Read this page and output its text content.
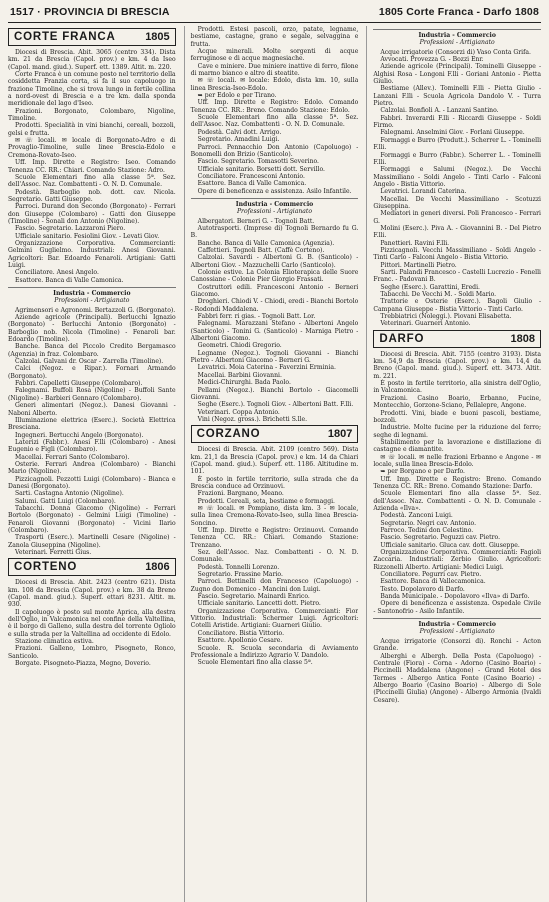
1517 · PROVINCIA DI BRESCIA	1805 Corte Franca - Darfo 1808
CORTE FRANCA	1805

Diocesi di Brescia. Abit. 3065 (centro 334). Dista km. 21 da Brescia (Capol. prov.) e km. 4 da Iseo (Capol. mand. giud.). Superf. ett. 1389. Altit. m. 220.

Corte Franca è un comune posto nel territorio della cosiddetta Franzia corta, si fa il suo capoluogo in frazione Timoline, che si trova lungo in fertile collina a nord-ovest di Brescia e a tre km. dalla sponda meridionale del lago d'Iseo.

Frazioni. Borgonato, Colombaro, Nigoline, Timoline.

Prodotti. Specialità in vini bianchi, cereali, bozzoli, gelsi e frutta.

✉ ☏ locali. ✉ locale di Borgonato-Adro e di Provaglio-Timoline, sulle linee Brescia-Edolo e Cremona-Rovato-Iseo.

Uff. Imp. Dirette e Registro: Iseo. Comando Tenenza CC. RR.: Chiari. Comando Stazione: Adro.

Scuole Elementari fino alla classe 5ª. Sez. dell'Assoc. Naz. Combattenti - O. N. D. Comunale.

Podestà. Barboglio nob. dott. cav. Nicola. Segretario. Gatti Giuseppe.

Parroci. Durand don Secondo (Borgonato) - Ferrari don Giuseppe (Colombaro) - Gatti don Giuseppe (Timoline) - Sonali don Antonio (Nigoline).

Fascio. Segretario. Lazzaroni Piero.

Ufficiale sanitario. Fesiolini Giov. - Levati Giov.

Organizzazione Corporativa. Commercianti: Gelmini Guglielmo. Industriali: Anesi Giovanni. Agricoltori: Bar. Edoardo Fenaroli. Artigiani: Gatti Luigi.

Conciliatore. Anesi Angelo.

Esattore. Banca di Valle Camonica.

Industria - Commercio
Professioni - Artigianato

Agrimensori e Agronomi. Bertazzoli G. (Borgonato).

Aziende agricole (Principali). Berlucchi Ignazio (Borgonato) - Berlucchi Antonio (Borgonato) - Barboglio nob. Nicola (Timoline) - Fenaroli bar. Edoardo (Timoline).

Banche. Banca del Piccolo Credito Bergamasco (Agenzia) in fraz. Colombaro.

Calzolai. Galvani dr. Oscar - Zarrella (Timoline).

Calci (Negoz. e Ripar.). Fornari Armando (Borgonato).

Fabbri. Capelletti Giuseppe (Colombaro).

Falegnami. Buffoli Rosa (Nigoline) - Buffoli Sante (Nigoline) - Barbieri Gennaro (Colombaro).

Generi alimentari (Negoz.). Danesi Giovanni - Naboni Alberto.

Illuminazione elettrica (Eserc.). Società Elettrica Bresciana.

Ingegneri. Bertucchi Angelo (Borgonato).

Laterizi (Fabbr.). Anesi F.lli (Colombaro) - Anesi Eugenio e Figli (Colombaro).

Macellai. Ferrari Santo (Colombaro).

Osterie. Ferrari Andrea (Colombaro) - Bianchi Mario (Nigoline).

Pizzicagnoli. Pezzotti Luigi (Colombaro) - Bianca e Danesi (Borgonato).

Sarti. Castagna Antonio (Nigoline).

Salumi. Gatti Luigi (Colombaro).

Tabacchi. Donna Giacomo (Nigoline) - Ferrari Bortolo (Borgonato) - Gelmini Luigi (Timoline) - Fenaroli Giovanni (Borgonato) - Vicini Ilario (Colombaro).

Trasporti (Eserc.). Martinelli Cesare (Nigoline) - Zanola Giuseppina (Nigoline).

Veterinari. Ferretti Gius.

CORTENO	1806

Diocesi di Brescia. Abit. 2423 (centro 621). Dista km. 108 da Brescia (Capol. prov.) e km. 38 da Breno (Capol. mand. giud.). Superf. ettari 8231. Altit. m. 930.

Il capoluogo è posto sul monte Aprica, alla destra dell'Oglio, in Valcamonica nel confine della Valtellina, è il borgo di Galleno, sulla destra del torrente Ogliolo e sulla strada per la Valtellina ad occidente di Edolo.

Stazione climatica estiva.

Frazioni. Galleno, Lombro, Pisogneto, Ronco, Santicolo.

Borgate. Pisogneto-Piazza, Megno, Doverio.

Prodotti. Estesi pascoli, orzo, patate, legname, bestiame, castagne, grano e segale, selvaggina e frutta.

Acque minerali. Molte sorgenti di acque ferruginose e di acque magnesiache.

Cave e miniere. Due miniere inattive di ferro, filone di marmo bianco e altro di steatite.

✉ ☏ locali. ✉ locale: Edolo, dista km. 10, sulla linea Brescia-Iseo-Edolo.

➥ per Edolo e per Tirano.

Uff. Imp. Dirette e Registro: Edolo. Comando Tenenza CC. RR.: Breno. Comando Stazione: Edolo.

Scuole Elementari fino alla classe 5ª. Sez. dell'Assoc. Naz. Combattenti - O. N. D. Comunale.

Podestà. Calvi dott. Arrigo.

Segretario. Amadini Luigi.

Parroci. Pennacchio Don Antonio (Capoluogo) - Bonomelli don Brizio (Santicolo).

Fascio. Segretario. Tomasotti Severino.

Ufficiale sanitario. Borsetti dott. Servillo.

Conciliatore. Francesconi Antonio.

Esattore. Banca di Valle Camonica.

Opere di beneficenza e assistenza. Asilo Infantile.

Industria - Commercio
Professioni - Artigianato

Albergatori. Berneri G. - Tognoli Batt.

Autotrasporti. (Imprese di) Tognoli Bernardo fu G. B.

Banche. Banca di Valle Camonica (Agenzia).

Caffettieri. Tognoli Batt. (Caffè Corteno).

Calzolai. Savardi - Albertoni G. B. (Santicolo) - Albertoni Giov. - Mazzuchelli Carlo (Santicolo).

Colonie estive. La Colonia Elioterapica delle Suore Canossiane - Colonie Pier Giorgio Frassati.

Costruttori edili. Francesconi Antonio - Berneri Giacomo.

Droghieri. Chiodi V. - Chiodi, eredi - Bianchi Bortolo - Rodondi Maddalena.

Fabbri ferr. ri gias. - Tognoli Batt. Lor.

Falegnami. Marazzani Stefano - Albertoni Angelo (Santicolo) - Tonini G. (Santicolo) - Marniga Pietro - Albertoni Giacomo.

Geometri. Chiodi Gregorio.

Legname (Negoz.). Tognoli Giovanni - Bianchi Pietro - Albertoni Giacomo - Berneri G.

Levatrici. Moia Caterina - Faverzini Erminia.

Macellai. Barbini Giovanni.

Medici-Chirurghi. Bada Paolo.

Pellami (Negoz.). Bianchi Bortolo - Giacomelli Giovanni.

Seghe (Eserc.). Tognoli Giov. - Albertoni Batt. F.lli.

Veterinari. Coppa Antonio.

Vini (Negoz. gross.). Brichetti S.lle.

CORZANO	1807

Diocesi di Brescia. Abit. 2109 (centro 569). Dista km. 21,1 da Brescia (Capol. prov.) e km. 14 da Chiari (Capol. mand. giud.). Superf. ett. 1186. Altitudine m. 101.

È posto in fertile territorio, sulla strada che da Brescia conduce ad Orzinuovi.

Frazioni. Bargnano, Meano.

Prodotti. Cereali, seta, bestiame e formaggi.

✉ ☏ locali. ✉ Pompiano, dista km. 3 - ✉ locale, sulla linea Cremona-Rovato-Iseo, sulla linea Brescia-Soncino.

Uff. Imp. Dirette e Registro: Orzinuovi. Comando Tenenza CC. RR.: Chiari. Comando Stazione: Trenzano.

Sez. dell'Assoc. Naz. Combattenti - O. N. D. Comunale.

Podestà. Tonnelli Lorenzo.

Segretario. Frassine Mario.

Parroci. Bettinelli don Francesco (Capoluogo) - Zugno don Domenico - Mancini don Luigi.

Fascio. Segretario. Mainardi Enrico.

Ufficiale sanitario. Lancetti dott. Pietro.

Organizzazione Corporativa. Commercianti: Fior Vittorio. Industriali: Schermer Luigi. Agricoltori: Cotelli Aristide. Artigiani: Guarneri Giulio.

Conciliatore. Bistia Vittorio.

Esattore. Apollonio Cesare.

Scuole. R. Scuola secondaria di Avviamento Professionale a Indirizzo Agrario V. Dandolo.

Scuole Elementari fino alla classe 5ª.

Industria - Commercio
Professioni - Artigianato

Acque irrigatorie (Consorzi di) Vaso Conta Grifa.

Avvocati. Provezza G. - Bozzi Enr.

Aziende agricole (Principali). Tominelli Giuseppe - Alghisi Rosa - Longoni F.lli - Goriani Antonio - Pietta Giulio.

Bestiame (Allev.). Tominelli F.lli - Pietta Giulio - Lanzani F.lli - Scuola Agricola Dandolo V. - Turra Pietro.

Calzolai. Bonfioli A. - Lanzani Santino.

Fabbri. Inverardi F.lli - Riccardi Giuseppe - Soldi Firmo.

Falegnami. Anselmini Giov. - Forlani Giuseppe.

Formaggi e Burro (Produtt.). Scherrer L. - Tominelli F.lli.

Formaggi e Burro (Fabbr.). Scherrer L. - Tominelli F.lli.

Formaggi e Salumi (Negoz.). De Vecchi Massimiliano - Soldi Angelo - Tinti Carlo - Falconi Angelo - Bistia Vittorio.

Levatrici. Lorandi Caterina.

Macellai. De Vecchi Massimiliano - Scotuzzi Giuseppina.

Mediatori in generi diversi. Poli Francesco - Ferrari G.

Molini (Eserc.). Piva A. - Giovannini B. - Del Pietro F.lli.

Panettieri. Ravini F.lli.

Pizzicagnoli. Vecchi Massimiliano - Soldi Angelo - Tinti Carlo - Falconi Angelo - Bistia Vittorio.

Pittori. Martinelli Pietro.

Sarti. Palandi Francesco - Castelli Lucrezio - Fenelli Franc. - Padovani B.

Seghe (Eserc.). Garattini, Eredi.

Tabacchi. De Vecchi M. - Soldi Mario.

Trattorie e Osterie (Eserc.). Bagoli Giulio - Campana Giuseppe - Bistia Vittorio - Tinti Carlo.

Trebbiatrici (Noleggi.). Piovani Elisabetta.

Veterinari. Guarneri Antonio.

DARFO	1808

Diocesi di Brescia. Abit. 7155 (centro 3193). Dista km. 54,9 da Brescia (Capol. prov.) e km. 14,4 da Breno (Capol. mand. giud.). Superf. ett. 3473. Altit. m. 221.

È posto in fertile territorio, alla sinistra dell'Oglio, in Valcamonica.

Frazioni. Casino Boario, Erbanno, Fucine, Montecchio, Gorzone-Sciano, Pellalepre, Angone.

Prodotti. Vini, biade e buoni pascoli, bestiame, bozzoli.

Industrie. Molte fucine per la riduzione del ferro; seghe di legnami.

Stabilimento per la lavorazione e distillazione di castagne e diamantite.

✉ ☏ locali. ✉ nelle frazioni Erbanno e Angone - ✉ locale, sulla linea Brescia-Edolo.

➥ per Borgano e per Darfo.

Uff. Imp. Dirette e Registro: Breno. Comando Tenenza CC. RR.: Breno. Comando Stazione: Darfo.

Scuole Elementari fino alla classe 5ª. Sez. dell'Assoc. Naz. Combattenti - O. N. D. Comunale - Azienda «Ilva».

Podestà. Zanconi Luigi.

Segretario. Negri cav. Antonio.

Parroco. Tedini don Celestino.

Fascio. Segretario. Peguzzi cav. Pietro.

Ufficiale sanitario. Gluca cav. dott. Giuseppe.

Organizzazione Corporativa. Commercianti: Fagioli Zaccaria. Industriali: Zerbio Giulio. Agricoltori: Rizzonelli Alberto. Artigiani: Medici Luigi.

Conciliatore. Pegurri cav. Pietro.

Esattore. Banca di Vallecamonica.

Testo. Dopolavoro di Darfo.

Banda Municipale. - Dopolavoro «Ilva» di Darfo.

Opere di beneficenza e assistenza. Ospedale Civile - Santonofrio - Asilo Infantile.

Industria - Commercio
Professioni - Artigianato

Acque irrigatorie (Consorzi di). Ronchi - Acton Grande.

Alberghi e Albergh. Della Posta (Capoluogo) - Centrale (Fiora) - Corna - Adorno (Casino Boario) - Piccinelli Maddalena (Angone) - Grand Hotel des Termes - Albergo Antica Fonte (Casino Boario) - Albergo Boario (Casino Boario) - Albergo di Sole (Piccinelli Giulia) (Angone) - Albergo Armonia (Ivaldi Cesare).
